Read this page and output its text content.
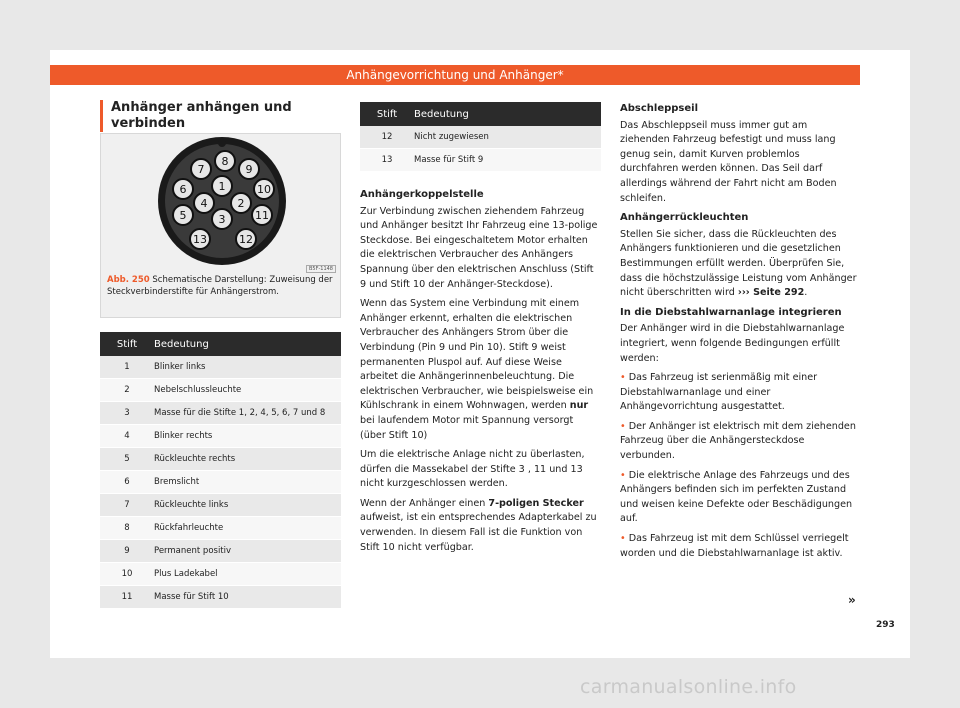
Anhängevorrichtung und Anhänger*

Anhänger anhängen und verbinden

1
2
3
4
5
6
7
8
9
10
11
12
13
B5F-1148
Abb. 250 Schematische Darstellung: Zuweisung der Steckverbinderstifte für Anhängerstrom.
Stift	Bedeutung
1	Blinker links
2	Nebelschlussleuchte
3	Masse für die Stifte 1, 2, 4, 5, 6, 7 und 8
4	Blinker rechts
5	Rückleuchte rechts
6	Bremslicht
7	Rückleuchte links
8	Rückfahrleuchte
9	Permanent positiv
10	Plus Ladekabel
11	Masse für Stift 10
Stift	Bedeutung
12	Nicht zugewiesen
13	Masse für Stift 9
Anhängerkoppelstelle

Zur Verbindung zwischen ziehendem Fahrzeug und Anhänger besitzt Ihr Fahrzeug eine 13-polige Steckdose. Bei eingeschaltetem Motor erhalten die elektrischen Verbraucher des Anhängers Spannung über den elektrischen Anschluss (Stift 9 und Stift 10 der Anhänger-Steckdose).

Wenn das System eine Verbindung mit einem Anhänger erkennt, erhalten die elektrischen Verbraucher des Anhängers Strom über die Verbindung (Pin 9 und Pin 10). Stift 9 weist permanenten Pluspol auf. Auf diese Weise arbeitet die Anhängerinnenbeleuchtung. Die elektrischen Verbraucher, wie beispielsweise ein Kühlschrank in einem Wohnwagen, werden nur bei laufendem Motor mit Spannung versorgt (über Stift 10)

Um die elektrische Anlage nicht zu überlasten, dürfen die Massekabel der Stifte 3 , 11 und 13 nicht kurzgeschlossen werden.

Wenn der Anhänger einen 7-poligen Stecker aufweist, ist ein entsprechendes Adapterkabel zu verwenden. In diesem Fall ist die Funktion von Stift 10 nicht verfügbar.

Abschleppseil

Das Abschleppseil muss immer gut am ziehenden Fahrzeug befestigt und muss lang genug sein, damit Kurven problemlos durchfahren werden können. Das Seil darf allerdings während der Fahrt nicht am Boden schleifen.

Anhängerrückleuchten

Stellen Sie sicher, dass die Rückleuchten des Anhängers funktionieren und die gesetzlichen Bestimmungen erfüllt werden. Überprüfen Sie, dass die höchstzulässige Leistung vom Anhänger nicht überschritten wird ››› Seite 292.

In die Diebstahlwarnanlage integrieren

Der Anhänger wird in die Diebstahlwarnanlage integriert, wenn folgende Bedingungen erfüllt werden:

• Das Fahrzeug ist serienmäßig mit einer Diebstahlwarnanlage und einer Anhängevorrichtung ausgestattet.

• Der Anhänger ist elektrisch mit dem ziehenden Fahrzeug über die Anhängersteckdose verbunden.

• Die elektrische Anlage des Fahrzeugs und des Anhängers befinden sich im perfekten Zustand und weisen keine Defekte oder Beschädigungen auf.

• Das Fahrzeug ist mit dem Schlüssel verriegelt worden und die Diebstahlwarnanlage ist aktiv.

»
293
carmanualsonline.info
